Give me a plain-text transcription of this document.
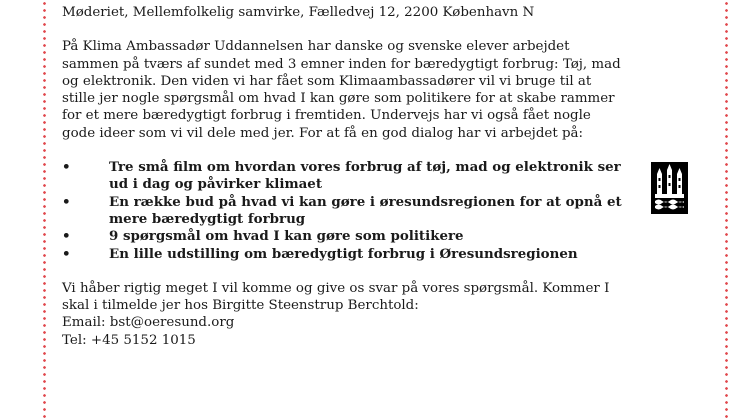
Møderiet, Mellemfolkelig samvirke, Fælledvej 12, 2200 København N

På Klima Ambassadør Uddannelsen har danske og svenske elever arbejdet sammen på tværs af sundet med 3 emner inden for bæredygtigt forbrug: Tøj, mad og elektronik. Den viden vi har fået som Klimaambassadører vil vi bruge til at stille jer nogle spørgsmål om hvad I kan gøre som politikere for at skabe rammer for et mere bæredygtigt forbrug i fremtiden. Undervejs har vi også fået nogle gode ideer som vi vil dele med jer. For at få en god dialog har vi arbejdet på:

•	Tre små film om hvordan vores forbrug af tøj, mad og elektronik ser ud i dag og påvirker klimaet
•	En række bud på hvad vi kan gøre i øresundsregionen for at opnå et mere bæredygtigt forbrug
•	9 spørgsmål om hvad I kan gøre som politikere
•	En lille udstilling om bæredygtigt forbrug i Øresundsregionen
Vi håber rigtig meget I vil komme og give os svar på vores spørgsmål. Kommer I skal i tilmelde jer hos Birgitte Steenstrup Berchtold:
Email: bst@oeresund.org
Tel: +45 5152 1015
